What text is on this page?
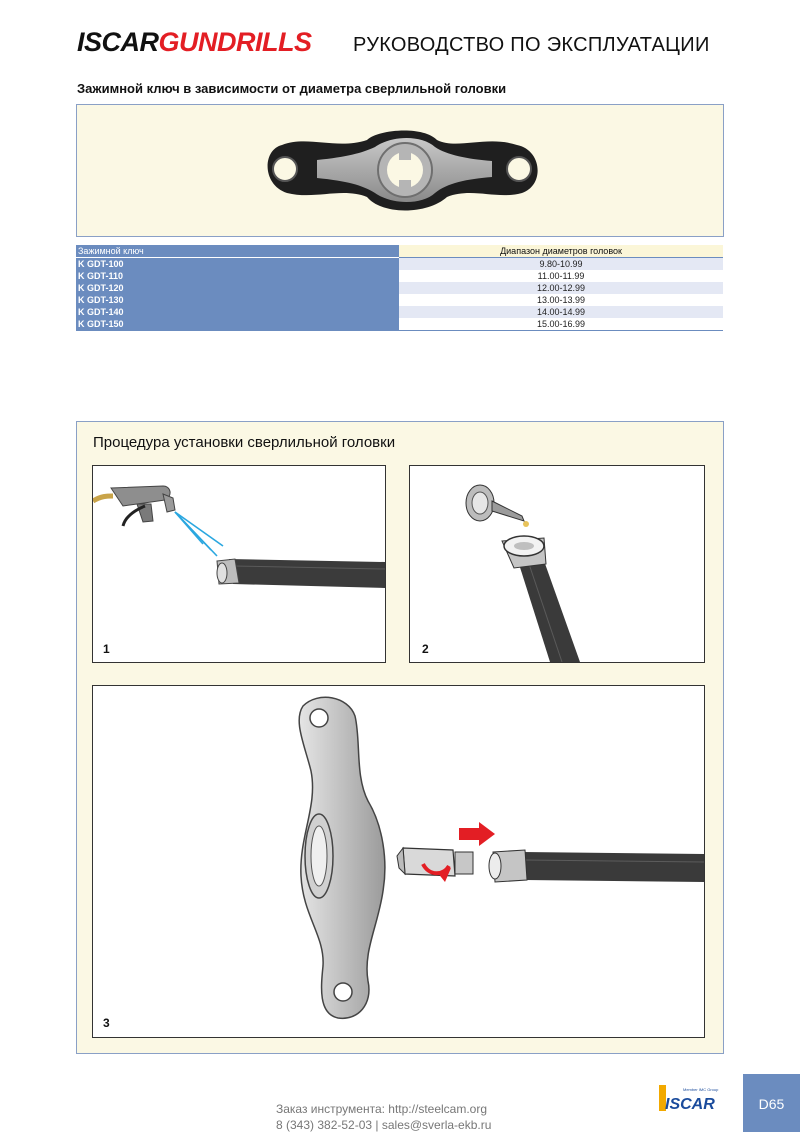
ISCARGUNDRILLS РУКОВОДСТВО ПО ЭКСПЛУАТАЦИИ
Зажимной ключ в зависимости от диаметра сверлильной головки
Зажимной ключ	Диапазон диаметров головок
K GDT-100	9.80-10.99
K GDT-110	11.00-11.99
K GDT-120	12.00-12.99
K GDT-130	13.00-13.99
K GDT-140	14.00-14.99
K GDT-150	15.00-16.99
Процедура установки сверлильной головки
1	2
3
Заказ инструмента: http://steelcam.org
8 (343) 382-52-03 | sales@sverla-ekb.ru
Member IMC Group
ISCAR	D65
